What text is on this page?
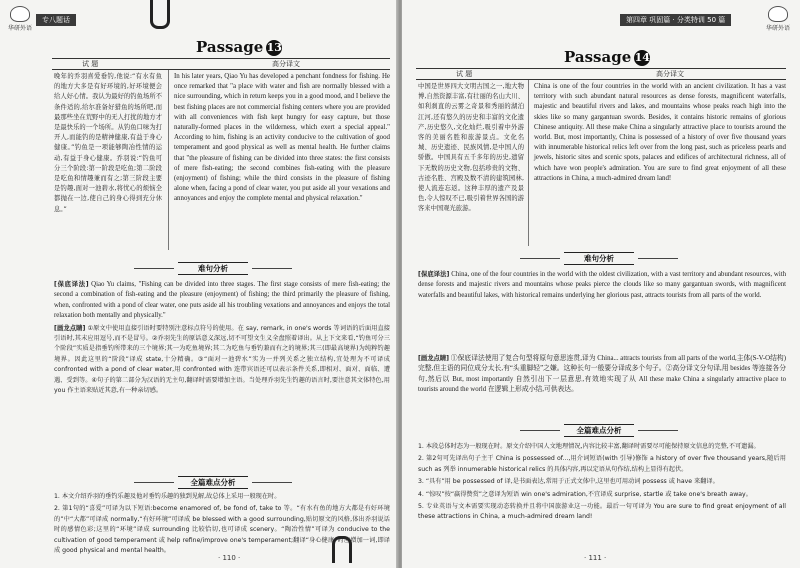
华研外语
专八题话
Passage 13
试 题	高分译文
晚年的乔羽喜爱垂钓,他说:“有水有鱼的地方大多是有好环境的,好环境便会给人好心情。我认为最好的钓鱼场所不条件适的,给尔准备好猎鱼的场所吧,而最那些坐在荒野中的无人打扰的地方才是最快乐的一个场所。从钓鱼口味为打开人,而能钓的是精神健康,有益于身心健康。”钓鱼是一项能够陶冶性情的运动,有益于身心健康。乔羽说:“钓鱼可分三个阶段:第一阶段是吃鱼;第二阶段是吃鱼和情趣兼而有之;第三阶段主要是钓趣,面对一池碧水,将忧心的烦恼全都抛在一边,使自己的身心得到充分休息。”
In his later years, Qiao Yu has developed a penchant fondness for fishing. He once remarked that "a place with water and fish are normally blessed with a nice surrounding, which in return keeps you in a good mood, and I believe the best fishing places are not commercial fishing centers where you are provided with all conveniences with fish kept hungry for easy capture, but those naturally-formed places in the wilderness, which exert a special appeal." According to him, fishing is an activity conducive to the cultivation of good temperament and good physical as well as mental health. He further claims that "the pleasure of fishing can be divided into three states: the first consists of mere fish-eating; the second combines fish-eating with the pleasure (enjoyment) of fishing; while the third consists in the pleasure of fishing alone when, facing a pond of clear water, you put aside all your vexations and annoyances and enjoy the complete mental and physical relaxation."
难句分析

[保底译法] Qiao Yu claims, "Fishing can be divided into three stages. The first stage consists of mere fish-eating; the second a combination of fish-eating and the pleasure (enjoyment) of fishing; the third primarily the pleasure of fishing, when, confronted with a pond of clear water, one puts aside all his troubling vexations and annoyances and enjoys the total relaxation both mentally and physically."

[画龙点睛] ①原文中使用直接引语时要特别注意标点符号的使用。在 say, remark, in one's words 等词语的后面用直接引语时,其末应用逗号,而不是冒号。②乔羽先生的原话意义深远,切不可望文生义全盘照着译出。从上下文来看,“钓鱼可分三个阶段”实质是指垂钓所带来的三个境界;其一为吃鱼境界;其二为吃鱼与垂钓兼而有之的境界;其三(即最高境界)为纯粹钓趣境界。因此这里的“阶段”译成 state,十分精确。③“面对一池碧水”实为一并列关系之独立结构,宜处理为不可译成 confronted with a pond of clear water,用 confronted with 连带宾语还可以表示条件关系,即相对、面对、面临、遭遇、受到等。④句子的第二部分为汉语的无主句,翻译时需要增加主语。当处理乔羽先生钓趣的语言时,要注意其文体特色,用 you 作主语来贴近其意,有一种亲切感。

全篇难点分析

1. 本文介绍乔羽的垂钓乐趣及他对垂钓乐趣的独到见解,故总体上采用一般现在时。

2. 第1句的“喜爱”可译为以下短语:become enamored of, be fond of, take to 等。“有水有鱼的地方大都是有好环境的”中“大都”可译成 normally,“有好环境”可译成 be blessed with a good surrounding,贴切原文的风格,体出乔羽说话时的感情色彩;这里的“环境”译成 surrounding 比较恰切,也可译成 scenery。“陶冶性情”可译为 conducive to the cultivation of good temperament 或 help refine/improve one's temperament;翻译“身心健康”时应增加一词,即译成 good physical and mental health。

· 110 ·
第四章 巩固篇 · 分类特训 50 篇
华研外语
Passage 14
试 题	高分译文
中国是世界四大文明古国之一,地大物博,自然资源丰富,有壮丽的名山大川、如利刹直的云雾之奇景和秀丽的湖泊江河,还有悠久的历史和丰富的文化遗产,历史悠久,文化灿烂,吸引着中外游客的美丽名胜和旅游景点。文化名城、历史遗迹、民族风情,是中国人的骄傲。中国具有五千多年的历史,遗留下无数的历史文物,包括珍贵的文物、古迹名胜、宫殿及数不清的建筑园林,使人流连忘返。这种丰厚的遗产及景色,令人惊叹不已,吸引着世界各国的游客来中国观光旅游。
China is one of the four countries in the world with an ancient civilization. It has a vast territory with such abundant natural resources as dense forests, magnificent waterfalls, majestic and beautiful rivers and lakes, and mountains whose peaks reach high into the skies like so many gargantuan swords. Besides, it contains historic remains of glorious Chinese antiquity. All these make China a singularly attractive place to tourists around the world. But, most importantly, China is possessed of a history of over five thousand years with innumerable historical relics left over from the long past, such as priceless pearls and jewels, historic sites and scenic spots, palaces and edifices of architectural richness, all of which have won people's admiration. You are sure to find great enjoyment of all these attractions in China, a much-admired dream land!
难句分析

[保底译法] China, one of the four countries in the world with the oldest civilization, with a vast territory and abundant resources, with dense forests and majestic rivers and mountains whose peaks pierce the clouds like so many gargantuan swords, with magnificent waterfalls and beautiful lakes, with historical remains underlying her glorious past, attracts tourists from all parts of the world.

[画龙点睛] ①保底译法使用了复合句型将原句意思连贯,译为 China... attracts tourists from all parts of the world,主体(S-V-O结构)完整,但主语的同位成分太长,有“头重脚轻”之嫌。这种长句一般要分译成多个句子。②高分译文分句译,用 besides 等连接各分句,然后以 But, most importantly 自然引出下一层意思,有效地实现了从 All these make China a singularly attractive place to tourists around the world 在逻辑上形成小结,可供表达。
全篇难点分析

1. 本段总体时态为一般现在时。原文介绍中国人文地理情况,内容比较丰富,翻译时需要尽可能保持原文信息的完整,不可遗漏。

2. 第2句可先译出句子主干 China is possessed of...,用介词短语(with 引导)修饰 a history of over five thousand years,随后用 such as 列举 innumerable historical relics 的具体内容,再以定语从句作结,结构上显得有起伏。

3. “具有”用 be possessed of 译,是书面表达,常用于正式文体中,这里也可用动词 possess 或 have 来翻译。

4. “惊叹”按“赢得赞赏”之意译为短语 win one's admiration,不宜译成 surprise, startle 或 take one's breath away。

5. 专业英语与文本需要实现动态转换并且将中国旅游业这一功能。最后一句可译为 You are sure to find great enjoyment of all these attractions in China, a much-admired dream land!

· 111 ·
